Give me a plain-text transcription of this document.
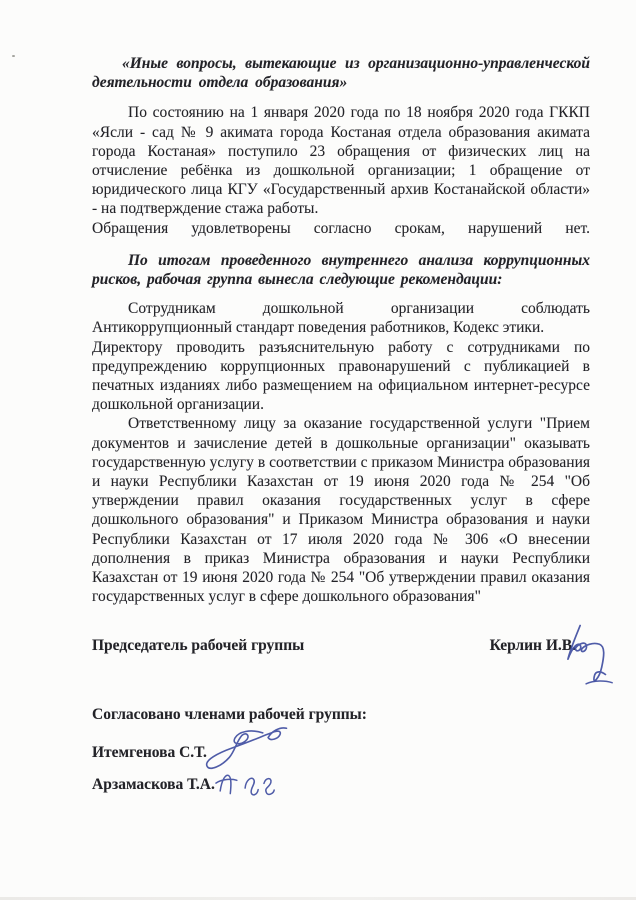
«Иные вопросы, вытекающие из организационно-управленческой деятельности отдела образования»

По состоянию на 1 января 2020 года по 18 ноября 2020 года ГККП «Ясли - сад № 9 акимата города Костаная отдела образования акимата города Костаная» поступило 23 обращения от физических лиц на отчисление ребёнка из дошкольной организации; 1 обращение от юридического лица КГУ «Государственный архив Костанайской области» - на подтверждение стажа работы.

Обращения удовлетворены согласно срокам, нарушений нет.

По итогам проведенного внутреннего анализа коррупционных рисков, рабочая группа вынесла следующие рекомендации:

Сотрудникам дошкольной организации соблюдать Антикоррупционный стандарт поведения работников, Кодекс этики.

Директору проводить разъяснительную работу с сотрудниками по предупреждению коррупционных правонарушений с публикацией в печатных изданиях либо размещением на официальном интернет-ресурсе дошкольной организации.

Ответственному лицу за оказание государственной услуги "Прием документов и зачисление детей в дошкольные организации" оказывать государственную услугу в соответствии с приказом Министра образования и науки Республики Казахстан от 19 июня 2020 года № 254 "Об утверждении правил оказания государственных услуг в сфере дошкольного образования" и Приказом Министра образования и науки Республики Казахстан от 17 июля 2020 года № 306 «О внесении дополнения в приказ Министра образования и науки Республики Казахстан от 19 июня 2020 года № 254 "Об утверждении правил оказания государственных услуг в сфере дошкольного образования"

Председатель рабочей группы	Керлин И.В.

Согласовано членами рабочей группы:

Итемгенова С.Т.
Арзамаскова Т.А.
